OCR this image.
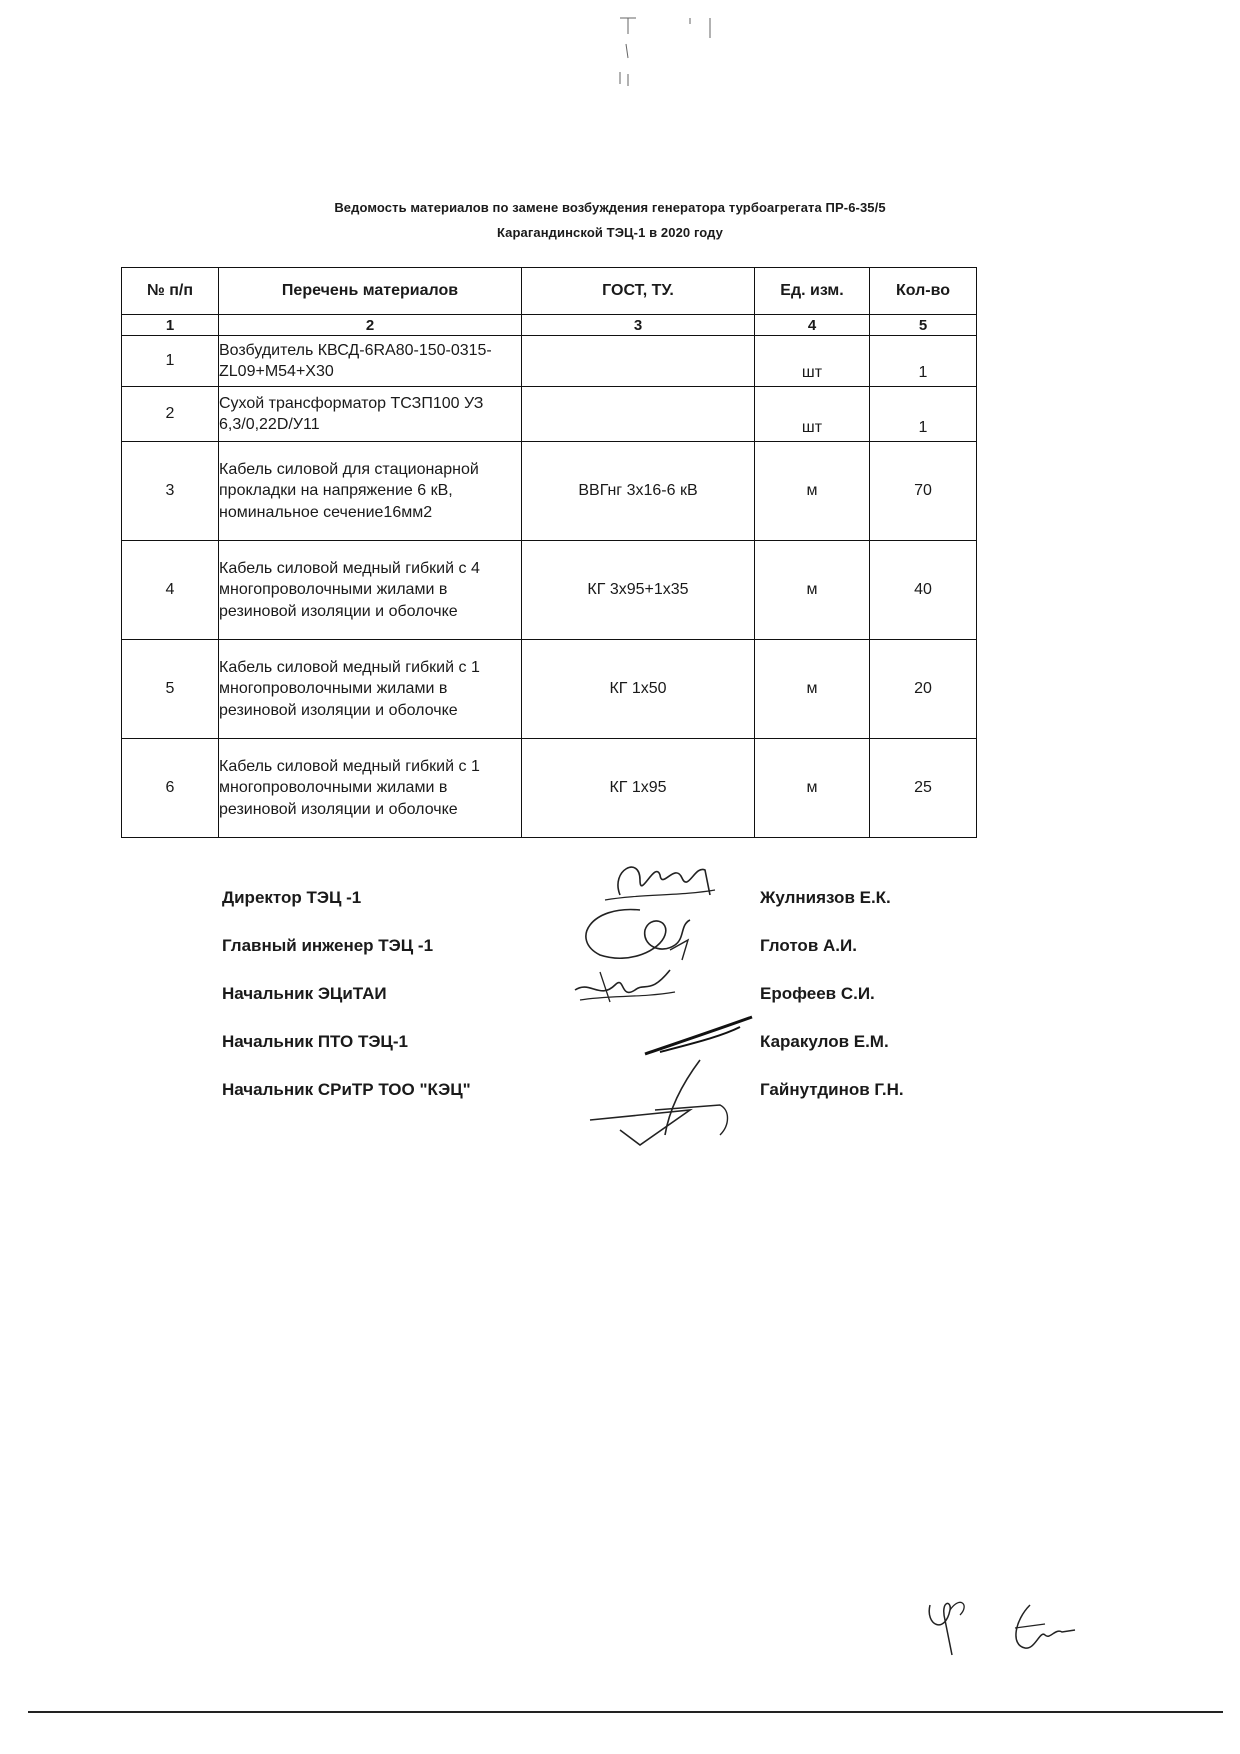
Ведомость материалов по замене возбуждения генератора турбоагрегата ПР-6-35/5
Карагандинской ТЭЦ-1 в 2020 году
№ п/п	Перечень материалов	ГОСТ, ТУ.	Ед. изм.	Кол-во
1	2	3	4	5
1	Возбудитель КВСД-6RA80-150-0315-ZL09+M54+X30		шт	1
2	Сухой трансформатор ТСЗП100 УЗ 6,3/0,22D/У11		шт	1
3	Кабель силовой для стационарной прокладки на напряжение 6 кВ, номинальное сечение16мм2	ВВГнг 3х16-6 кВ	м	70
4	Кабель силовой медный гибкий с 4 многопроволочными жилами в резиновой изоляции и оболочке	КГ 3х95+1х35	м	40
5	Кабель силовой медный гибкий с 1 многопроволочными жилами в резиновой изоляции и оболочке	КГ 1х50	м	20
6	Кабель силовой медный гибкий с 1 многопроволочными жилами в резиновой изоляции и оболочке	КГ 1х95	м	25
Директор ТЭЦ -1
Главный инженер ТЭЦ -1
Начальник ЭЦиТАИ
Начальник ПТО ТЭЦ-1
Начальник СРиТР ТОО "КЭЦ"
Жулниязов Е.К.
Глотов А.И.
Ерофеев С.И.
Каракулов Е.М.
Гайнутдинов Г.Н.
